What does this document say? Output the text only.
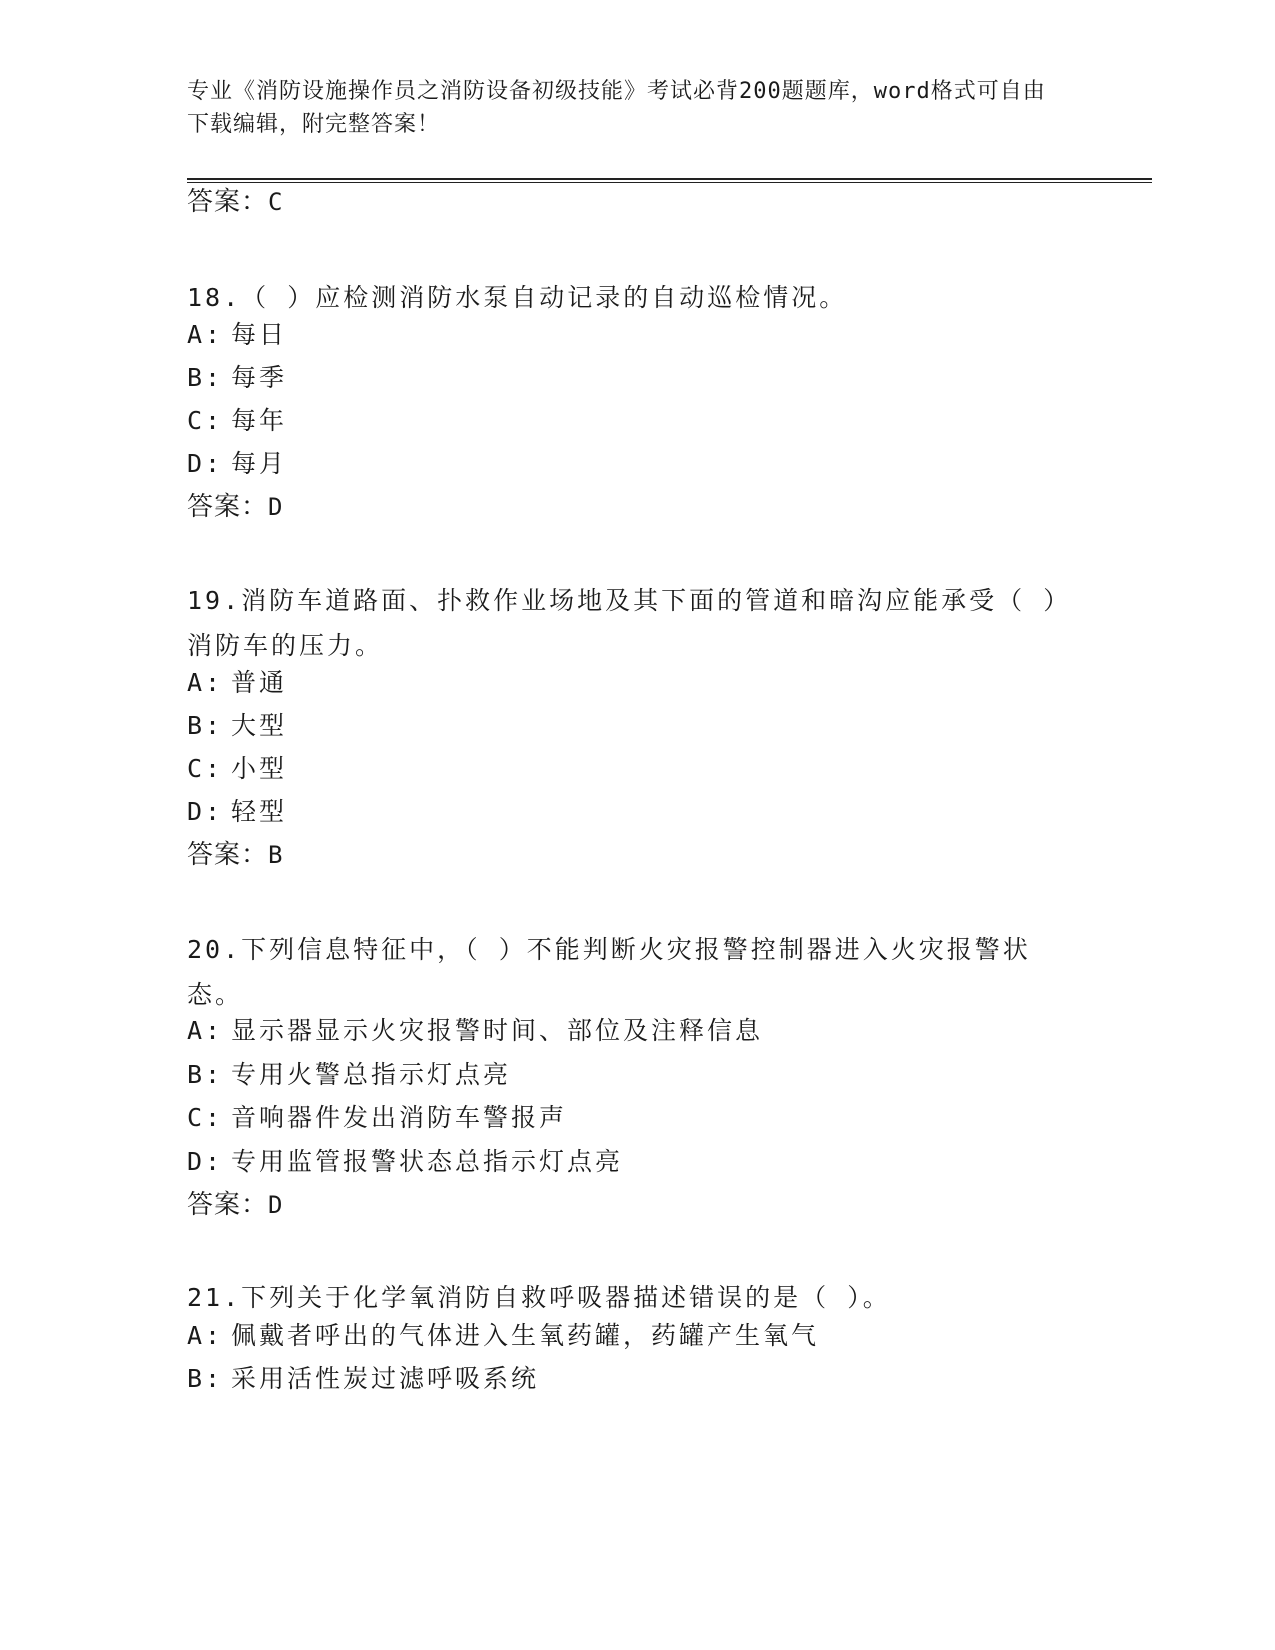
专业《消防设施操作员之消防设备初级技能》考试必背200题题库，word格式可自由下载编辑，附完整答案！
答案：C
18.（ ）应检测消防水泵自动记录的自动巡检情况。
A: 每日
B: 每季
C: 每年
D: 每月
答案：D
19.消防车道路面、扑救作业场地及其下面的管道和暗沟应能承受（ ）消防车的压力。
A: 普通
B: 大型
C: 小型
D: 轻型
答案：B
20.下列信息特征中，（ ）不能判断火灾报警控制器进入火灾报警状态。
A: 显示器显示火灾报警时间、部位及注释信息
B: 专用火警总指示灯点亮
C: 音响器件发出消防车警报声
D: 专用监管报警状态总指示灯点亮
答案：D
21.下列关于化学氧消防自救呼吸器描述错误的是（ ）。
A: 佩戴者呼出的气体进入生氧药罐，药罐产生氧气
B: 采用活性炭过滤呼吸系统
